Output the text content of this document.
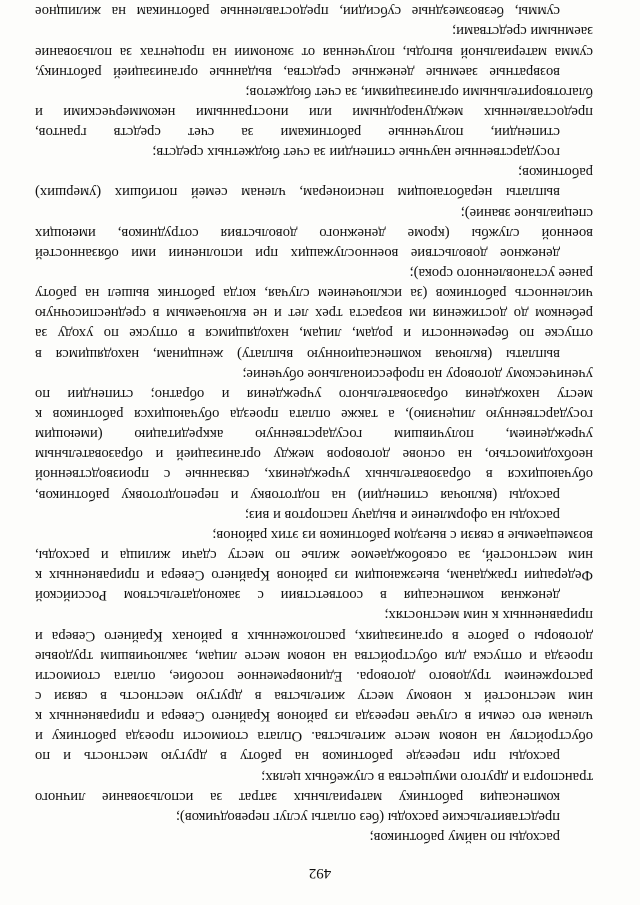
492
расходы по найму работников;
представительские расходы (без оплаты услуг переводчиков);
компенсация работнику материальных затрат за использование личного
транспорта и другого имущества в служебных целях;
расходы при переезде работников на работу в другую местность и по
обустройству на новом месте жительства. Оплата стоимости проезда работнику и
членам его семьи в случае переезда из районов Крайнего Севера и приравненных к
ним местностей к новому месту жительства в другую местность в связи с
расторжением трудового договора. Единовременное пособие, оплата стоимости
проезда и отпуска для обустройства на новом месте лицам, заключившим трудовые
договоры о работе в организациях, расположенных в районах Крайнего Севера и
приравненных к ним местностях;
денежная компенсация в соответствии с законодательством Российской
Федерации гражданам, выезжающим из районов Крайнего Севера и приравненных к
ним местностей, за освобождаемое жилье по месту сдачи жилища и расходы,
возмещаемые в связи с выездом работников из этих районов;
расходы на оформление и выдачу паспортов и виз;
расходы (включая стипендии) на подготовку и переподготовку работников,
обучающихся в образовательных учреждениях, связанные с производственной
необходимостью, на основе договоров между организацией и образовательным
учреждением, получившим государственную аккредитацию (имеющим
государственную лицензию), а также оплата проезда обучающихся работников к
месту нахождения образовательного учреждения и обратно; стипендии по
ученическому договору на профессиональное обучение;
выплаты (включая компенсационную выплату) женщинам, находящимся в
отпуске по беременности и родам, лицам, находящимся в отпуске по уходу за
ребенком до достижения им возраста трех лет и не включаемым в среднесписочную
численность работников (за исключением случая, когда работник вышел на работу
ранее установленного срока);
денежное довольствие военнослужащих при исполнении ими обязанностей
военной службы (кроме денежного довольствия сотрудников, имеющих
специальное звание);
выплаты неработающим пенсионерам, членам семей погибших (умерших)
работников;
государственные научные стипендии за счет бюджетных средств;
стипендии, полученные работниками за счет средств грантов,
предоставленных международными или иностранными некоммерческими и
благотворительными организациями, за счет бюджетов;
возвратные заемные денежные средства, выданные организацией работнику,
сумма материальной выгоды, полученная от экономии на процентах за пользование
заемными средствами;
суммы, безвозмездные субсидии, предоставленные работникам на жилищное
